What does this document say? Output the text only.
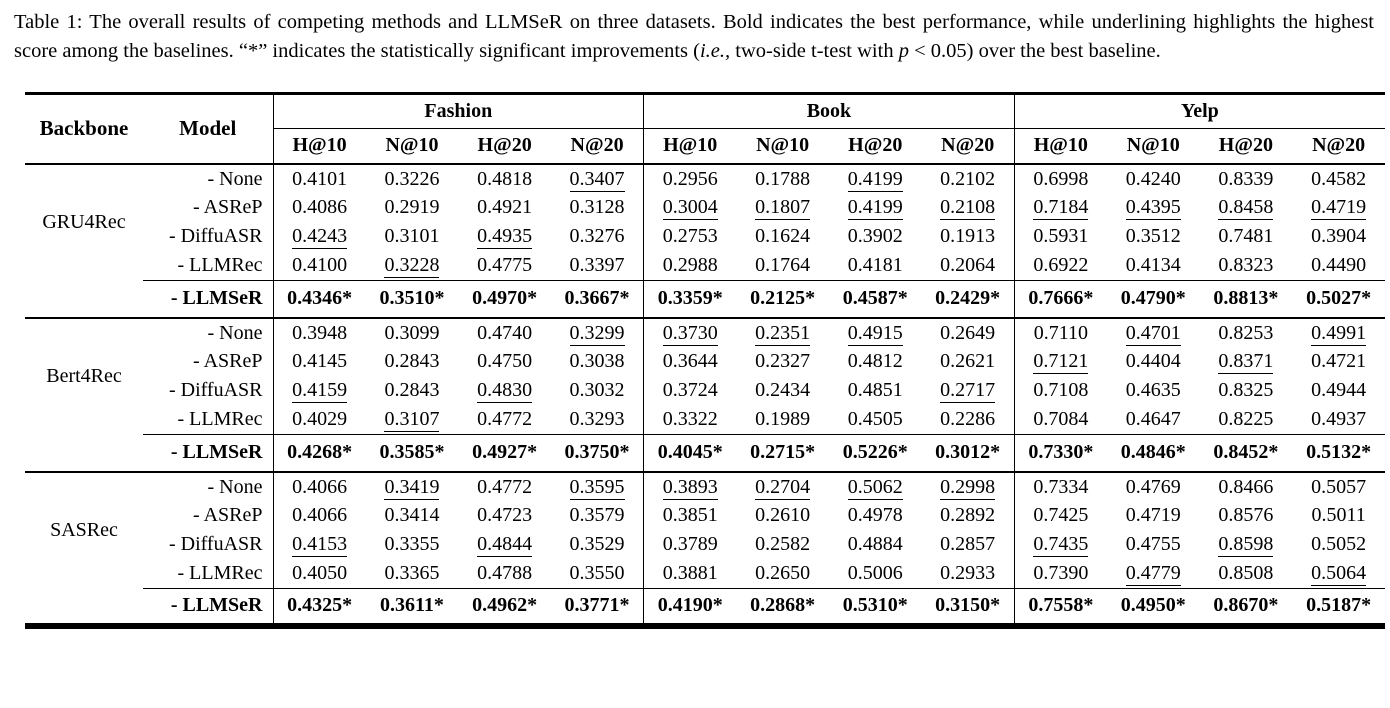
Table 1: The overall results of competing methods and LLMSeR on three datasets. Bold indicates the best performance, while underlining highlights the highest score among the baselines. “*” indicates the statistically significant improvements (i.e., two-side t-test with p < 0.05) over the best baseline.

Backbone	Model	Fashion				Book				Yelp			
		H@10	N@10	H@20	N@20	H@10	N@10	H@20	N@20	H@10	N@10	H@20	N@20
GRU4Rec	- None	0.4101	0.3226	0.4818	0.3407	0.2956	0.1788	0.4199	0.2102	0.6998	0.4240	0.8339	0.4582
	- ASReP	0.4086	0.2919	0.4921	0.3128	0.3004	0.1807	0.4199	0.2108	0.7184	0.4395	0.8458	0.4719
	- DiffuASR	0.4243	0.3101	0.4935	0.3276	0.2753	0.1624	0.3902	0.1913	0.5931	0.3512	0.7481	0.3904
	- LLMRec	0.4100	0.3228	0.4775	0.3397	0.2988	0.1764	0.4181	0.2064	0.6922	0.4134	0.8323	0.4490
	- LLMSeR	0.4346*	0.3510*	0.4970*	0.3667*	0.3359*	0.2125*	0.4587*	0.2429*	0.7666*	0.4790*	0.8813*	0.5027*
Bert4Rec	- None	0.3948	0.3099	0.4740	0.3299	0.3730	0.2351	0.4915	0.2649	0.7110	0.4701	0.8253	0.4991
	- ASReP	0.4145	0.2843	0.4750	0.3038	0.3644	0.2327	0.4812	0.2621	0.7121	0.4404	0.8371	0.4721
	- DiffuASR	0.4159	0.2843	0.4830	0.3032	0.3724	0.2434	0.4851	0.2717	0.7108	0.4635	0.8325	0.4944
	- LLMRec	0.4029	0.3107	0.4772	0.3293	0.3322	0.1989	0.4505	0.2286	0.7084	0.4647	0.8225	0.4937
	- LLMSeR	0.4268*	0.3585*	0.4927*	0.3750*	0.4045*	0.2715*	0.5226*	0.3012*	0.7330*	0.4846*	0.8452*	0.5132*
SASRec	- None	0.4066	0.3419	0.4772	0.3595	0.3893	0.2704	0.5062	0.2998	0.7334	0.4769	0.8466	0.5057
	- ASReP	0.4066	0.3414	0.4723	0.3579	0.3851	0.2610	0.4978	0.2892	0.7425	0.4719	0.8576	0.5011
	- DiffuASR	0.4153	0.3355	0.4844	0.3529	0.3789	0.2582	0.4884	0.2857	0.7435	0.4755	0.8598	0.5052
	- LLMRec	0.4050	0.3365	0.4788	0.3550	0.3881	0.2650	0.5006	0.2933	0.7390	0.4779	0.8508	0.5064
	- LLMSeR	0.4325*	0.3611*	0.4962*	0.3771*	0.4190*	0.2868*	0.5310*	0.3150*	0.7558*	0.4950*	0.8670*	0.5187*
